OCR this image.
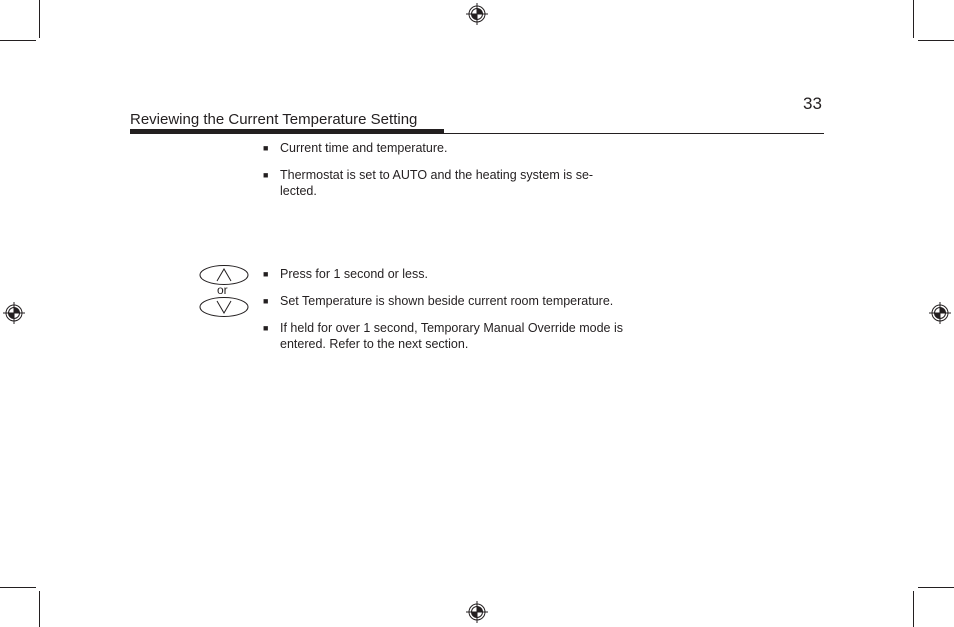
33
Reviewing the Current Temperature Setting
■ Current time and temperature.
■ Thermostat is set to AUTO and the heating system is se-lected.
or
■ Press for 1 second or less.
■ Set Temperature is shown beside current room temperature.
■ If held for over 1 second, Temporary Manual Override mode is entered. Refer to the next section.
